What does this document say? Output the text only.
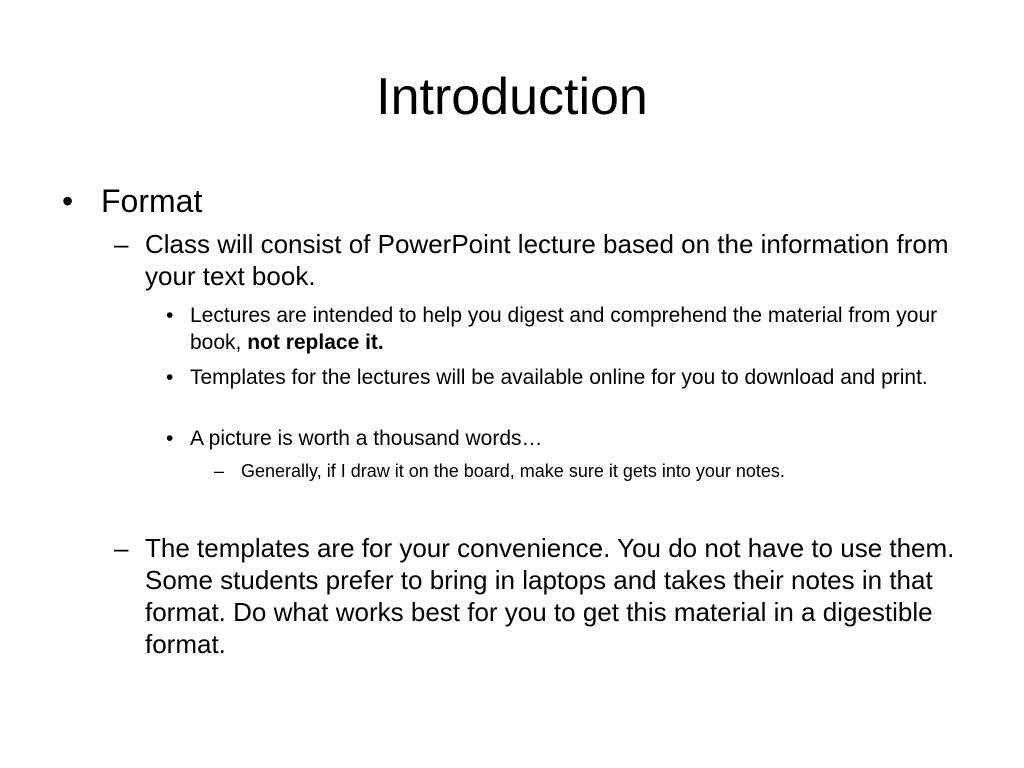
Introduction
• Format

– Class will consist of PowerPoint lecture based on the information from your text book.

• Lectures are intended to help you digest and comprehend the material from your book, not replace it.

• Templates for the lectures will be available online for you to download and print.

• A picture is worth a thousand words…

– Generally, if I draw it on the board, make sure it gets into your notes.

– The templates are for your convenience. You do not have to use them. Some students prefer to bring in laptops and takes their notes in that format. Do what works best for you to get this material in a digestible format.
